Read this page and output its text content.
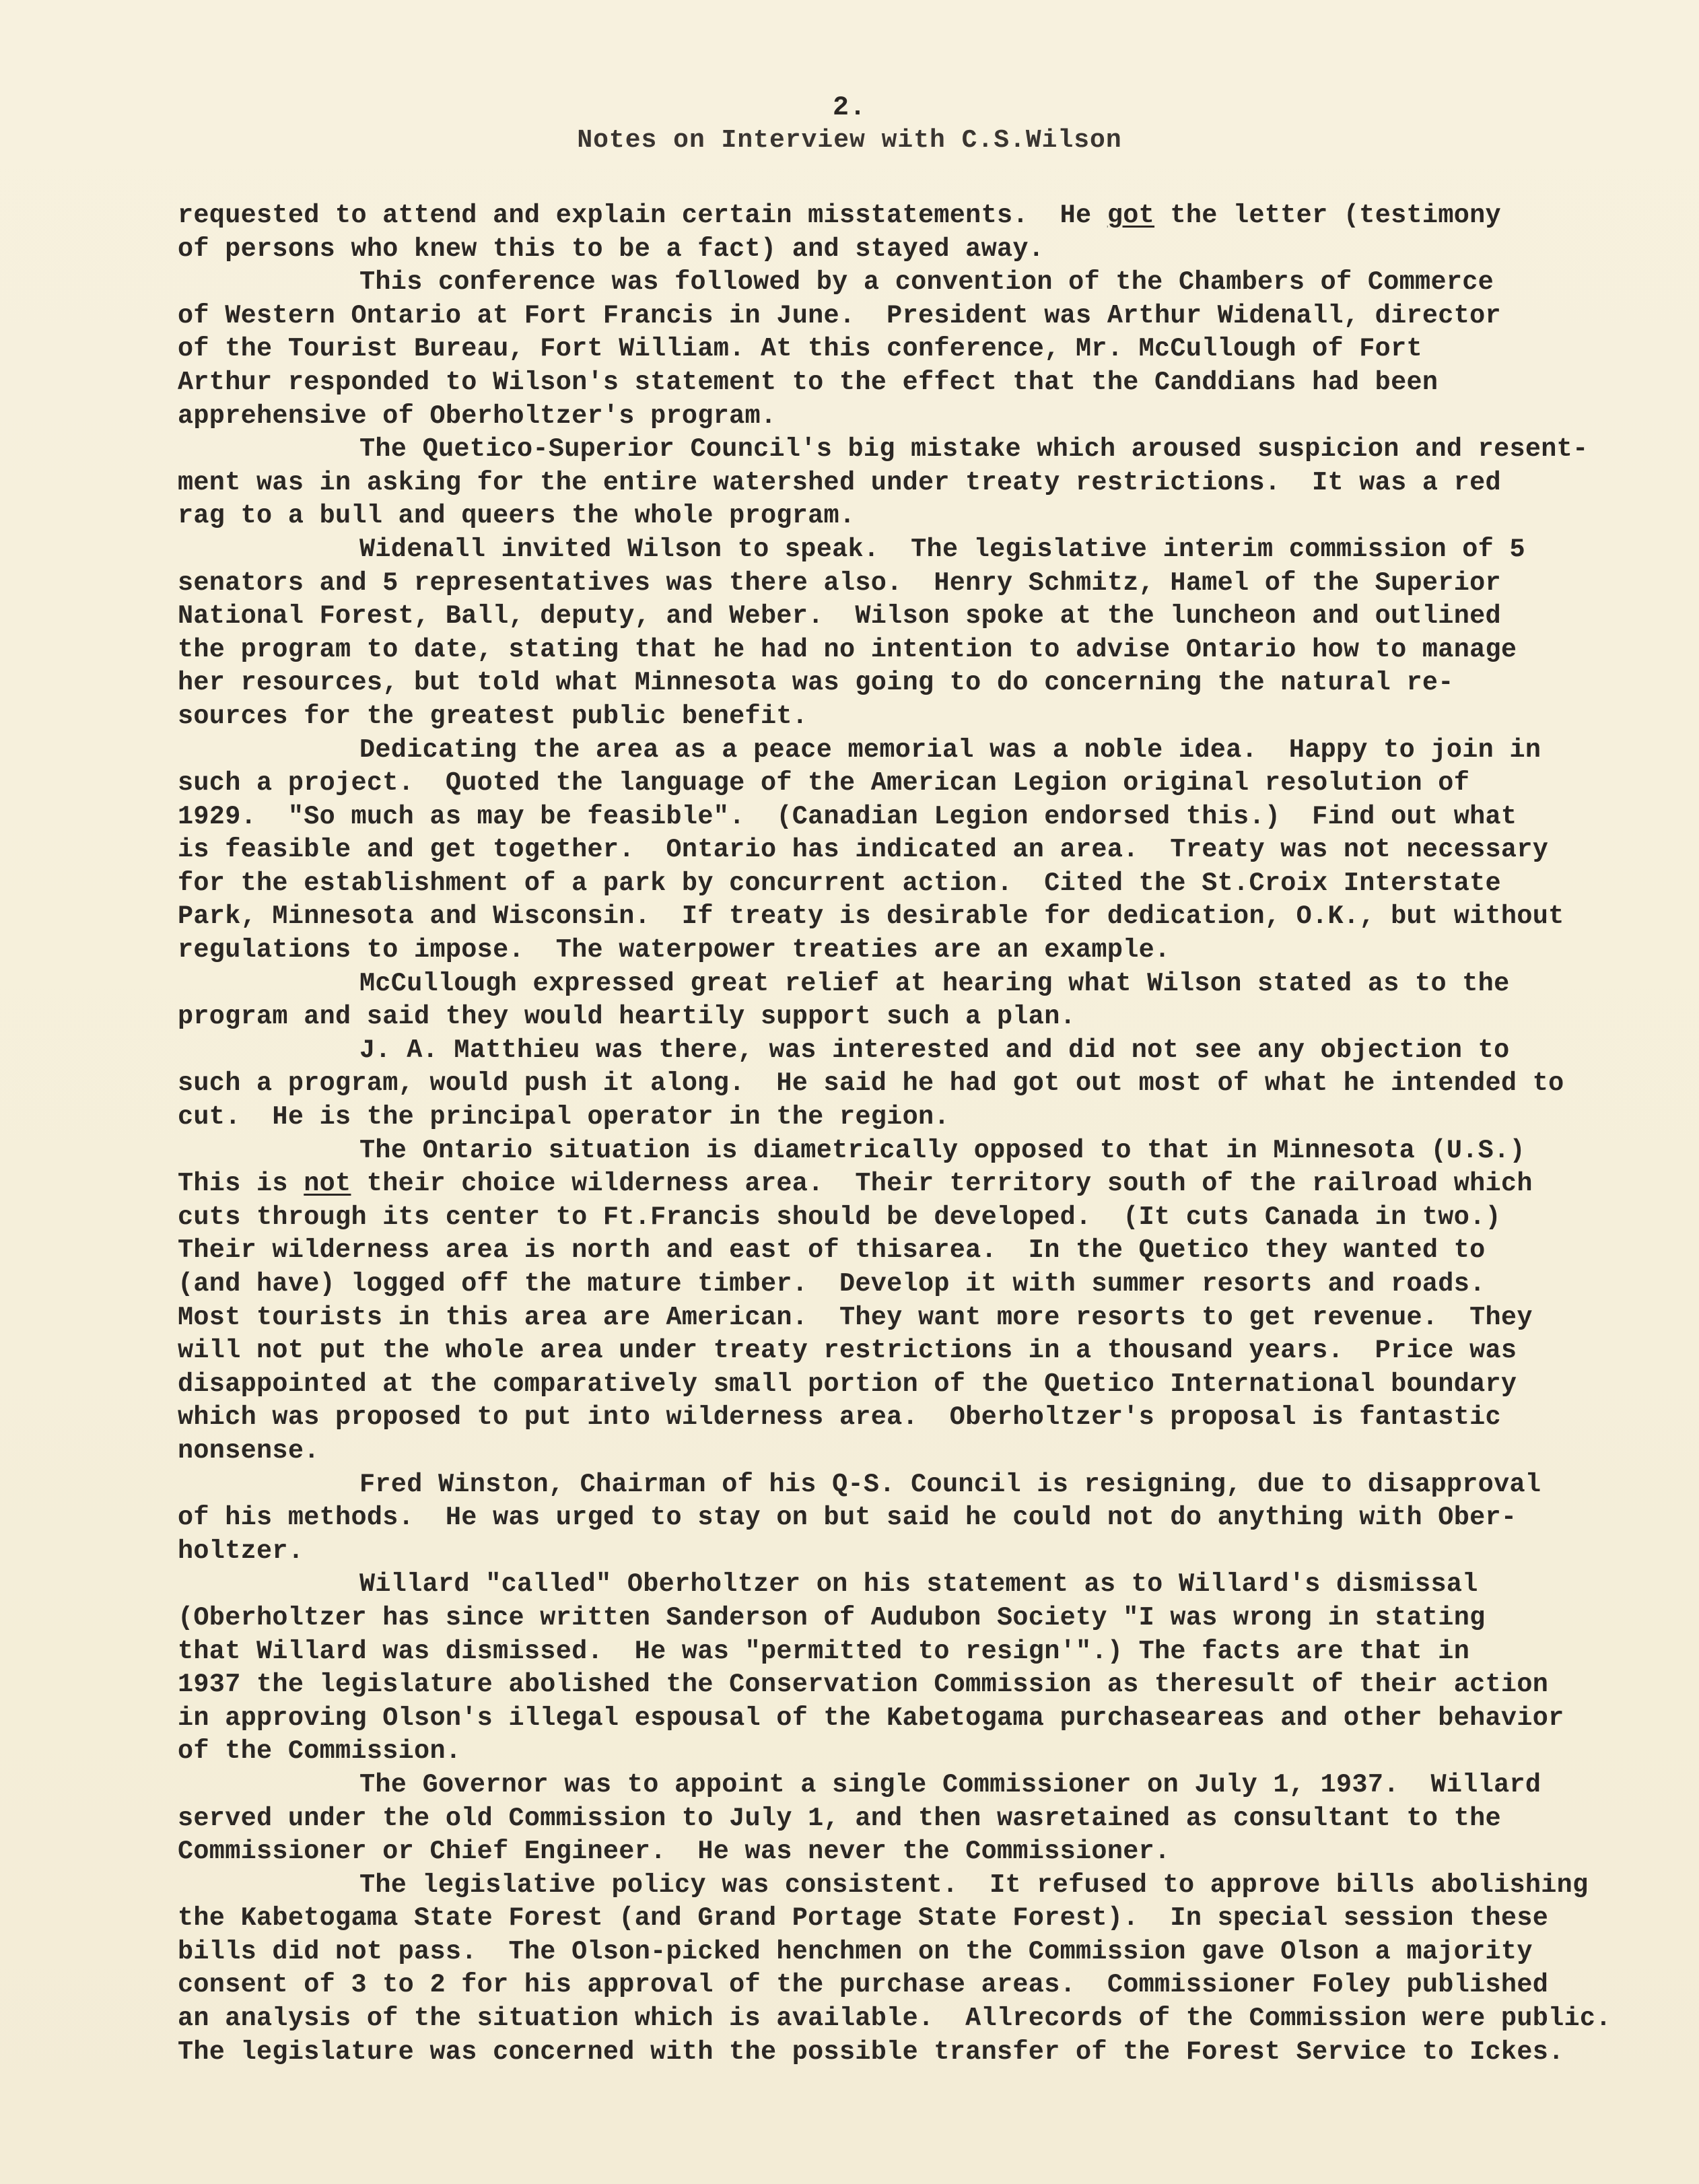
2.
Notes on Interview with C.S.Wilson
requested to attend and explain certain misstatements.  He got the letter (testimony
of persons who knew this to be a fact) and stayed away.
This conference was followed by a convention of the Chambers of Commerce
of Western Ontario at Fort Francis in June.  President was Arthur Widenall, director
of the Tourist Bureau, Fort William. At this conference, Mr. McCullough of Fort
Arthur responded to Wilson's statement to the effect that the Canddians had been
apprehensive of Oberholtzer's program.
The Quetico-Superior Council's big mistake which aroused suspicion and resent-
ment was in asking for the entire watershed under treaty restrictions.  It was a red
rag to a bull and queers the whole program.
Widenall invited Wilson to speak.  The legislative interim commission of 5
senators and 5 representatives was there also.  Henry Schmitz, Hamel of the Superior
National Forest, Ball, deputy, and Weber.  Wilson spoke at the luncheon and outlined
the program to date, stating that he had no intention to advise Ontario how to manage
her resources, but told what Minnesota was going to do concerning the natural re-
sources for the greatest public benefit.
Dedicating the area as a peace memorial was a noble idea.  Happy to join in
such a project.  Quoted the language of the American Legion original resolution of
1929.  "So much as may be feasible".  (Canadian Legion endorsed this.)  Find out what
is feasible and get together.  Ontario has indicated an area.  Treaty was not necessary
for the establishment of a park by concurrent action.  Cited the St.Croix Interstate
Park, Minnesota and Wisconsin.  If treaty is desirable for dedication, O.K., but without
regulations to impose.  The waterpower treaties are an example.
McCullough expressed great relief at hearing what Wilson stated as to the
program and said they would heartily support such a plan.
J. A. Matthieu was there, was interested and did not see any objection to
such a program, would push it along.  He said he had got out most of what he intended to
cut.  He is the principal operator in the region.
The Ontario situation is diametrically opposed to that in Minnesota (U.S.)
This is not their choice wilderness area.  Their territory south of the railroad which
cuts through its center to Ft.Francis should be developed.  (It cuts Canada in two.)
Their wilderness area is north and east of thisarea.  In the Quetico they wanted to
(and have) logged off the mature timber.  Develop it with summer resorts and roads.
Most tourists in this area are American.  They want more resorts to get revenue.  They
will not put the whole area under treaty restrictions in a thousand years.  Price was
disappointed at the comparatively small portion of the Quetico International boundary
which was proposed to put into wilderness area.  Oberholtzer's proposal is fantastic
nonsense.
Fred Winston, Chairman of his Q-S. Council is resigning, due to disapproval
of his methods.  He was urged to stay on but said he could not do anything with Ober-
holtzer.
Willard "called" Oberholtzer on his statement as to Willard's dismissal
(Oberholtzer has since written Sanderson of Audubon Society "I was wrong in stating
that Willard was dismissed.  He was "permitted to resign'".) The facts are that in
1937 the legislature abolished the Conservation Commission as theresult of their action
in approving Olson's illegal espousal of the Kabetogama purchaseareas and other behavior
of the Commission.
The Governor was to appoint a single Commissioner on July 1, 1937.  Willard
served under the old Commission to July 1, and then wasretained as consultant to the
Commissioner or Chief Engineer.  He was never the Commissioner.
The legislative policy was consistent.  It refused to approve bills abolishing
the Kabetogama State Forest (and Grand Portage State Forest).  In special session these
bills did not pass.  The Olson-picked henchmen on the Commission gave Olson a majority
consent of 3 to 2 for his approval of the purchase areas.  Commissioner Foley published
an analysis of the situation which is available.  Allrecords of the Commission were public.
The legislature was concerned with the possible transfer of the Forest Service to Ickes.
